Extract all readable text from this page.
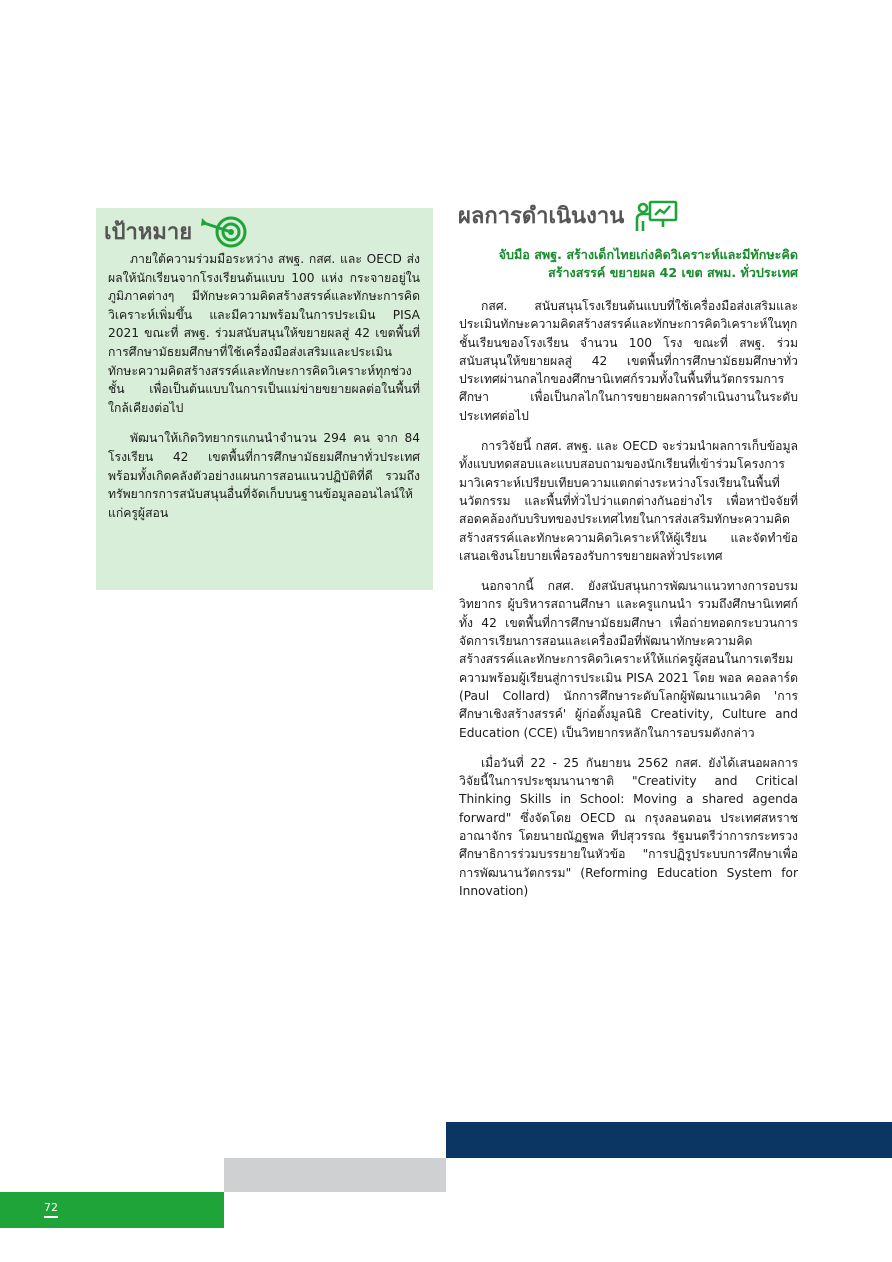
เป้าหมาย

ภายใต้ความร่วมมือระหว่าง สพฐ. กสศ. และ OECD ส่งผลให้นักเรียนจากโรงเรียนต้นแบบ 100 แห่ง กระจายอยู่ในภูมิภาคต่างๆ มีทักษะความคิดสร้างสรรค์และทักษะการคิดวิเคราะห์เพิ่มขึ้น และมีความพร้อมในการประเมิน PISA 2021 ขณะที่ สพฐ. ร่วมสนับสนุนให้ขยายผลสู่ 42 เขตพื้นที่การศึกษามัธยมศึกษาที่ใช้เครื่องมือส่งเสริมและประเมินทักษะความคิดสร้างสรรค์และทักษะการคิดวิเคราะห์ทุกช่วงชั้น เพื่อเป็นต้นแบบในการเป็นแม่ข่ายขยายผลต่อในพื้นที่ใกล้เคียงต่อไป

พัฒนาให้เกิดวิทยากรแกนนำจำนวน 294 คน จาก 84 โรงเรียน 42 เขตพื้นที่การศึกษามัธยมศึกษาทั่วประเทศ พร้อมทั้งเกิดคลังตัวอย่างแผนการสอนแนวปฏิบัติที่ดี รวมถึงทรัพยากรการสนับสนุนอื่นที่จัดเก็บบนฐานข้อมูลออนไลน์ให้แก่ครูผู้สอน

ผลการดำเนินงาน
จับมือ สพฐ. สร้างเด็กไทยเก่งคิดวิเคราะห์และมีทักษะคิดสร้างสรรค์ ขยายผล 42 เขต สพม. ทั่วประเทศ

กสศ. สนับสนุนโรงเรียนต้นแบบที่ใช้เครื่องมือส่งเสริมและประเมินทักษะความคิดสร้างสรรค์และทักษะการคิดวิเคราะห์ในทุกชั้นเรียนของโรงเรียน จำนวน 100 โรง ขณะที่ สพฐ. ร่วมสนับสนุนให้ขยายผลสู่ 42 เขตพื้นที่การศึกษามัธยมศึกษาทั่วประเทศผ่านกลไกของศึกษานิเทศก์รวมทั้งในพื้นที่นวัตกรรมการศึกษา เพื่อเป็นกลไกในการขยายผลการดำเนินงานในระดับประเทศต่อไป

การวิจัยนี้ กสศ. สพฐ. และ OECD จะร่วมนำผลการเก็บข้อมูลทั้งแบบทดสอบและแบบสอบถามของนักเรียนที่เข้าร่วมโครงการมาวิเคราะห์เปรียบเทียบความแตกต่างระหว่างโรงเรียนในพื้นที่นวัตกรรม และพื้นที่ทั่วไปว่าแตกต่างกันอย่างไร เพื่อหาปัจจัยที่สอดคล้องกับบริบทของประเทศไทยในการส่งเสริมทักษะความคิดสร้างสรรค์และทักษะความคิดวิเคราะห์ให้ผู้เรียน และจัดทำข้อเสนอเชิงนโยบายเพื่อรองรับการขยายผลทั่วประเทศ

นอกจากนี้ กสศ. ยังสนับสนุนการพัฒนาแนวทางการอบรมวิทยากร ผู้บริหารสถานศึกษา และครูแกนนำ รวมถึงศึกษานิเทศก์ทั้ง 42 เขตพื้นที่การศึกษามัธยมศึกษา เพื่อถ่ายทอดกระบวนการจัดการเรียนการสอนและเครื่องมือที่พัฒนาทักษะความคิดสร้างสรรค์และทักษะการคิดวิเคราะห์ให้แก่ครูผู้สอนในการเตรียมความพร้อมผู้เรียนสู่การประเมิน PISA 2021 โดย พอล คอลลาร์ด (Paul Collard) นักการศึกษาระดับโลกผู้พัฒนาแนวคิด 'การศึกษาเชิงสร้างสรรค์' ผู้ก่อตั้งมูลนิธิ Creativity, Culture and Education (CCE) เป็นวิทยากรหลักในการอบรมดังกล่าว

เมื่อวันที่ 22 - 25 กันยายน 2562 กสศ. ยังได้เสนอผลการวิจัยนี้ในการประชุมนานาชาติ "Creativity and Critical Thinking Skills in School: Moving a shared agenda forward" ซึ่งจัดโดย OECD ณ กรุงลอนดอน ประเทศสหราชอาณาจักร โดยนายณัฏฐพล ทีปสุวรรณ รัฐมนตรีว่าการกระทรวงศึกษาธิการร่วมบรรยายในหัวข้อ "การปฏิรูประบบการศึกษาเพื่อการพัฒนานวัตกรรม" (Reforming Education System for Innovation)

72
